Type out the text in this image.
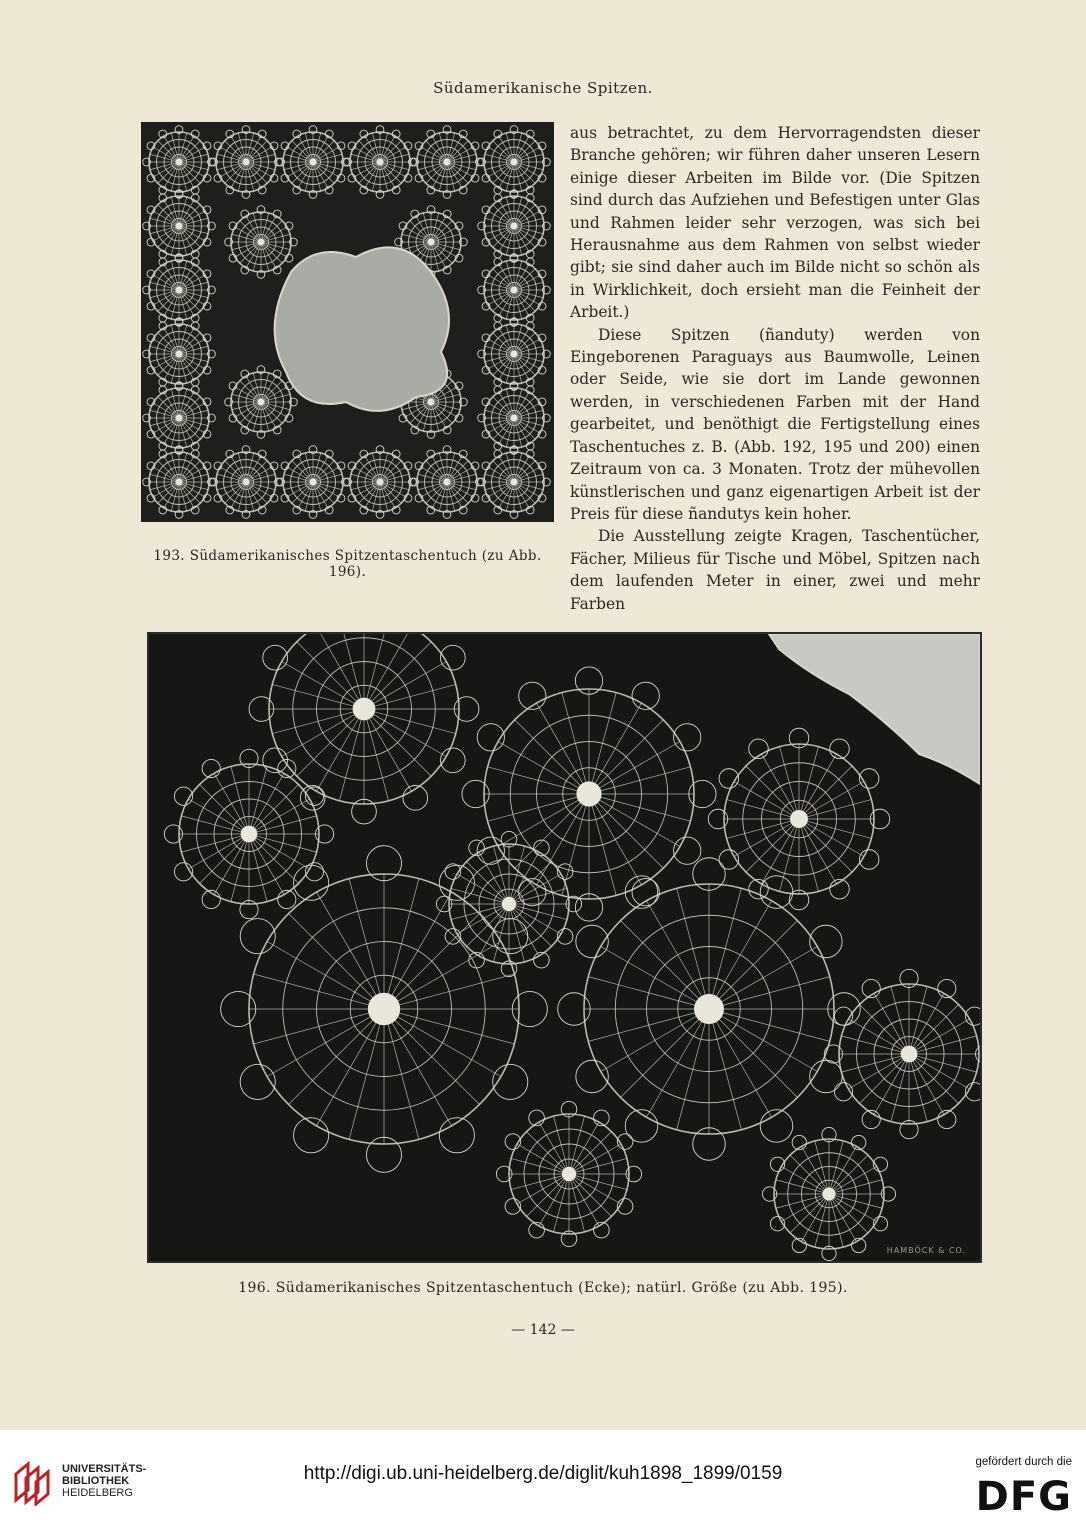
Südamerikanische Spitzen.
193. Südamerikanisches Spitzentaschentuch (zu Abb. 196).

aus betrachtet, zu dem Hervorragendsten dieser Branche gehören; wir führen daher unseren Lesern einige dieser Arbeiten im Bilde vor. (Die Spitzen sind durch das Aufziehen und Befestigen unter Glas und Rahmen leider sehr verzogen, was sich bei Herausnahme aus dem Rahmen von selbst wieder gibt; sie sind daher auch im Bilde nicht so schön als in Wirklichkeit, doch ersieht man die Feinheit der Arbeit.)

Diese Spitzen (ñanduty) werden von Eingeborenen Paraguays aus Baumwolle, Leinen oder Seide, wie sie dort im Lande gewonnen werden, in verschiedenen Farben mit der Hand gearbeitet, und benöthigt die Fertigstellung eines Taschentuches z. B. (Abb. 192, 195 und 200) einen Zeitraum von ca. 3 Monaten. Trotz der mühevollen künstlerischen und ganz eigenartigen Arbeit ist der Preis für diese ñandutys kein hoher.

Die Ausstellung zeigte Kragen, Taschentücher, Fächer, Milieus für Tische und Möbel, Spitzen nach dem laufenden Meter in einer, zwei und mehr Farben

HAMBÖCK & CO.
196. Südamerikanisches Spitzentaschentuch (Ecke); natürl. Größe (zu Abb. 195).
— 142 —
UNIVERSITÄTS-
BIBLIOTHEK
HEIDELBERG
http://digi.ub.uni-heidelberg.de/diglit/kuh1898_1899/0159
gefördert durch die
DFG
